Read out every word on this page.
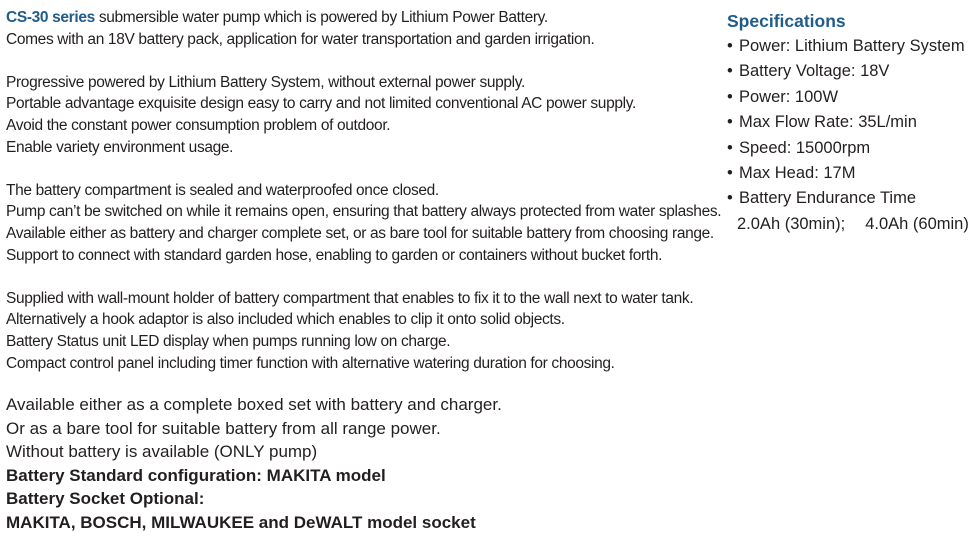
CS-30 series submersible water pump which is powered by Lithium Power Battery.
Comes with an 18V battery pack, application for water transportation and garden irrigation.

Progressive powered by Lithium Battery System, without external power supply.
Portable advantage exquisite design easy to carry and not limited conventional AC power supply.
Avoid the constant power consumption problem of outdoor.
Enable variety environment usage.

The battery compartment is sealed and waterproofed once closed.
Pump can’t be switched on while it remains open, ensuring that battery always protected from water splashes.
Available either as battery and charger complete set, or as bare tool for suitable battery from choosing range.
Support to connect with standard garden hose, enabling to garden or containers without bucket forth.

Supplied with wall-mount holder of battery compartment that enables to fix it to the wall next to water tank.
Alternatively a hook adaptor is also included which enables to clip it onto solid objects.
Battery Status unit LED display when pumps running low on charge.
Compact control panel including timer function with alternative watering duration for choosing.

Available either as a complete boxed set with battery and charger.
Or as a bare tool for suitable battery from all range power.
Without battery is available (ONLY pump)
Battery Standard configuration: MAKITA model
Battery Socket Optional:
MAKITA, BOSCH, MILWAUKEE and DeWALT model socket
Specifications
• Power: Lithium Battery System
• Battery Voltage: 18V
• Power: 100W
• Max Flow Rate: 35L/min
• Speed: 15000rpm
• Max Head: 17M
• Battery Endurance Time
2.0Ah (30min); 4.0Ah (60min)
